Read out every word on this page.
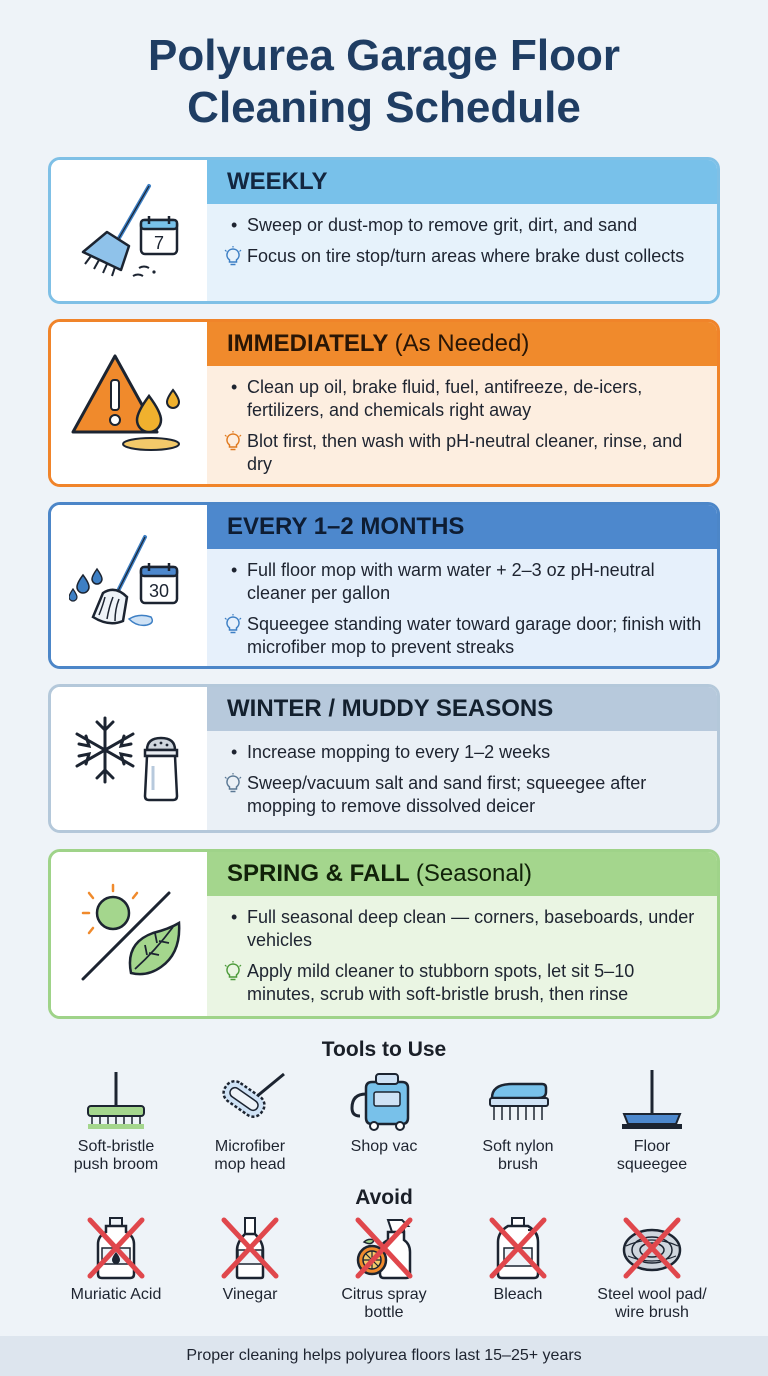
Polyurea Garage Floor
Cleaning Schedule
7
WEEKLY
• Sweep or dust-mop to remove grit, dirt, and sand
Focus on tire stop/turn areas where brake dust collects
IMMEDIATELY (As Needed)
• Clean up oil, brake fluid, fuel, antifreeze, de-icers, fertilizers, and chemicals right away
Blot first, then wash with pH-neutral cleaner, rinse, and dry
30
EVERY 1–2 MONTHS
• Full floor mop with warm water + 2–3 oz pH-neutral cleaner per gallon
Squeegee standing water toward garage door; finish with microfiber mop to prevent streaks
WINTER / MUDDY SEASONS
• Increase mopping to every 1–2 weeks
Sweep/vacuum salt and sand first; squeegee after mopping to remove dissolved deicer
SPRING & FALL (Seasonal)
• Full seasonal deep clean — corners, baseboards, under vehicles
Apply mild cleaner to stubborn spots, let sit 5–10 minutes, scrub with soft-bristle brush, then rinse
Tools to Use
Soft-bristle
push broom
Microfiber
mop head
Shop vac	Soft nylon
brush
Floor
squeegee
Avoid
Muriatic Acid	Vinegar	Citrus spray
bottle
Bleach	Steel wool pad/
wire brush
Proper cleaning helps polyurea floors last 15–25+ years
